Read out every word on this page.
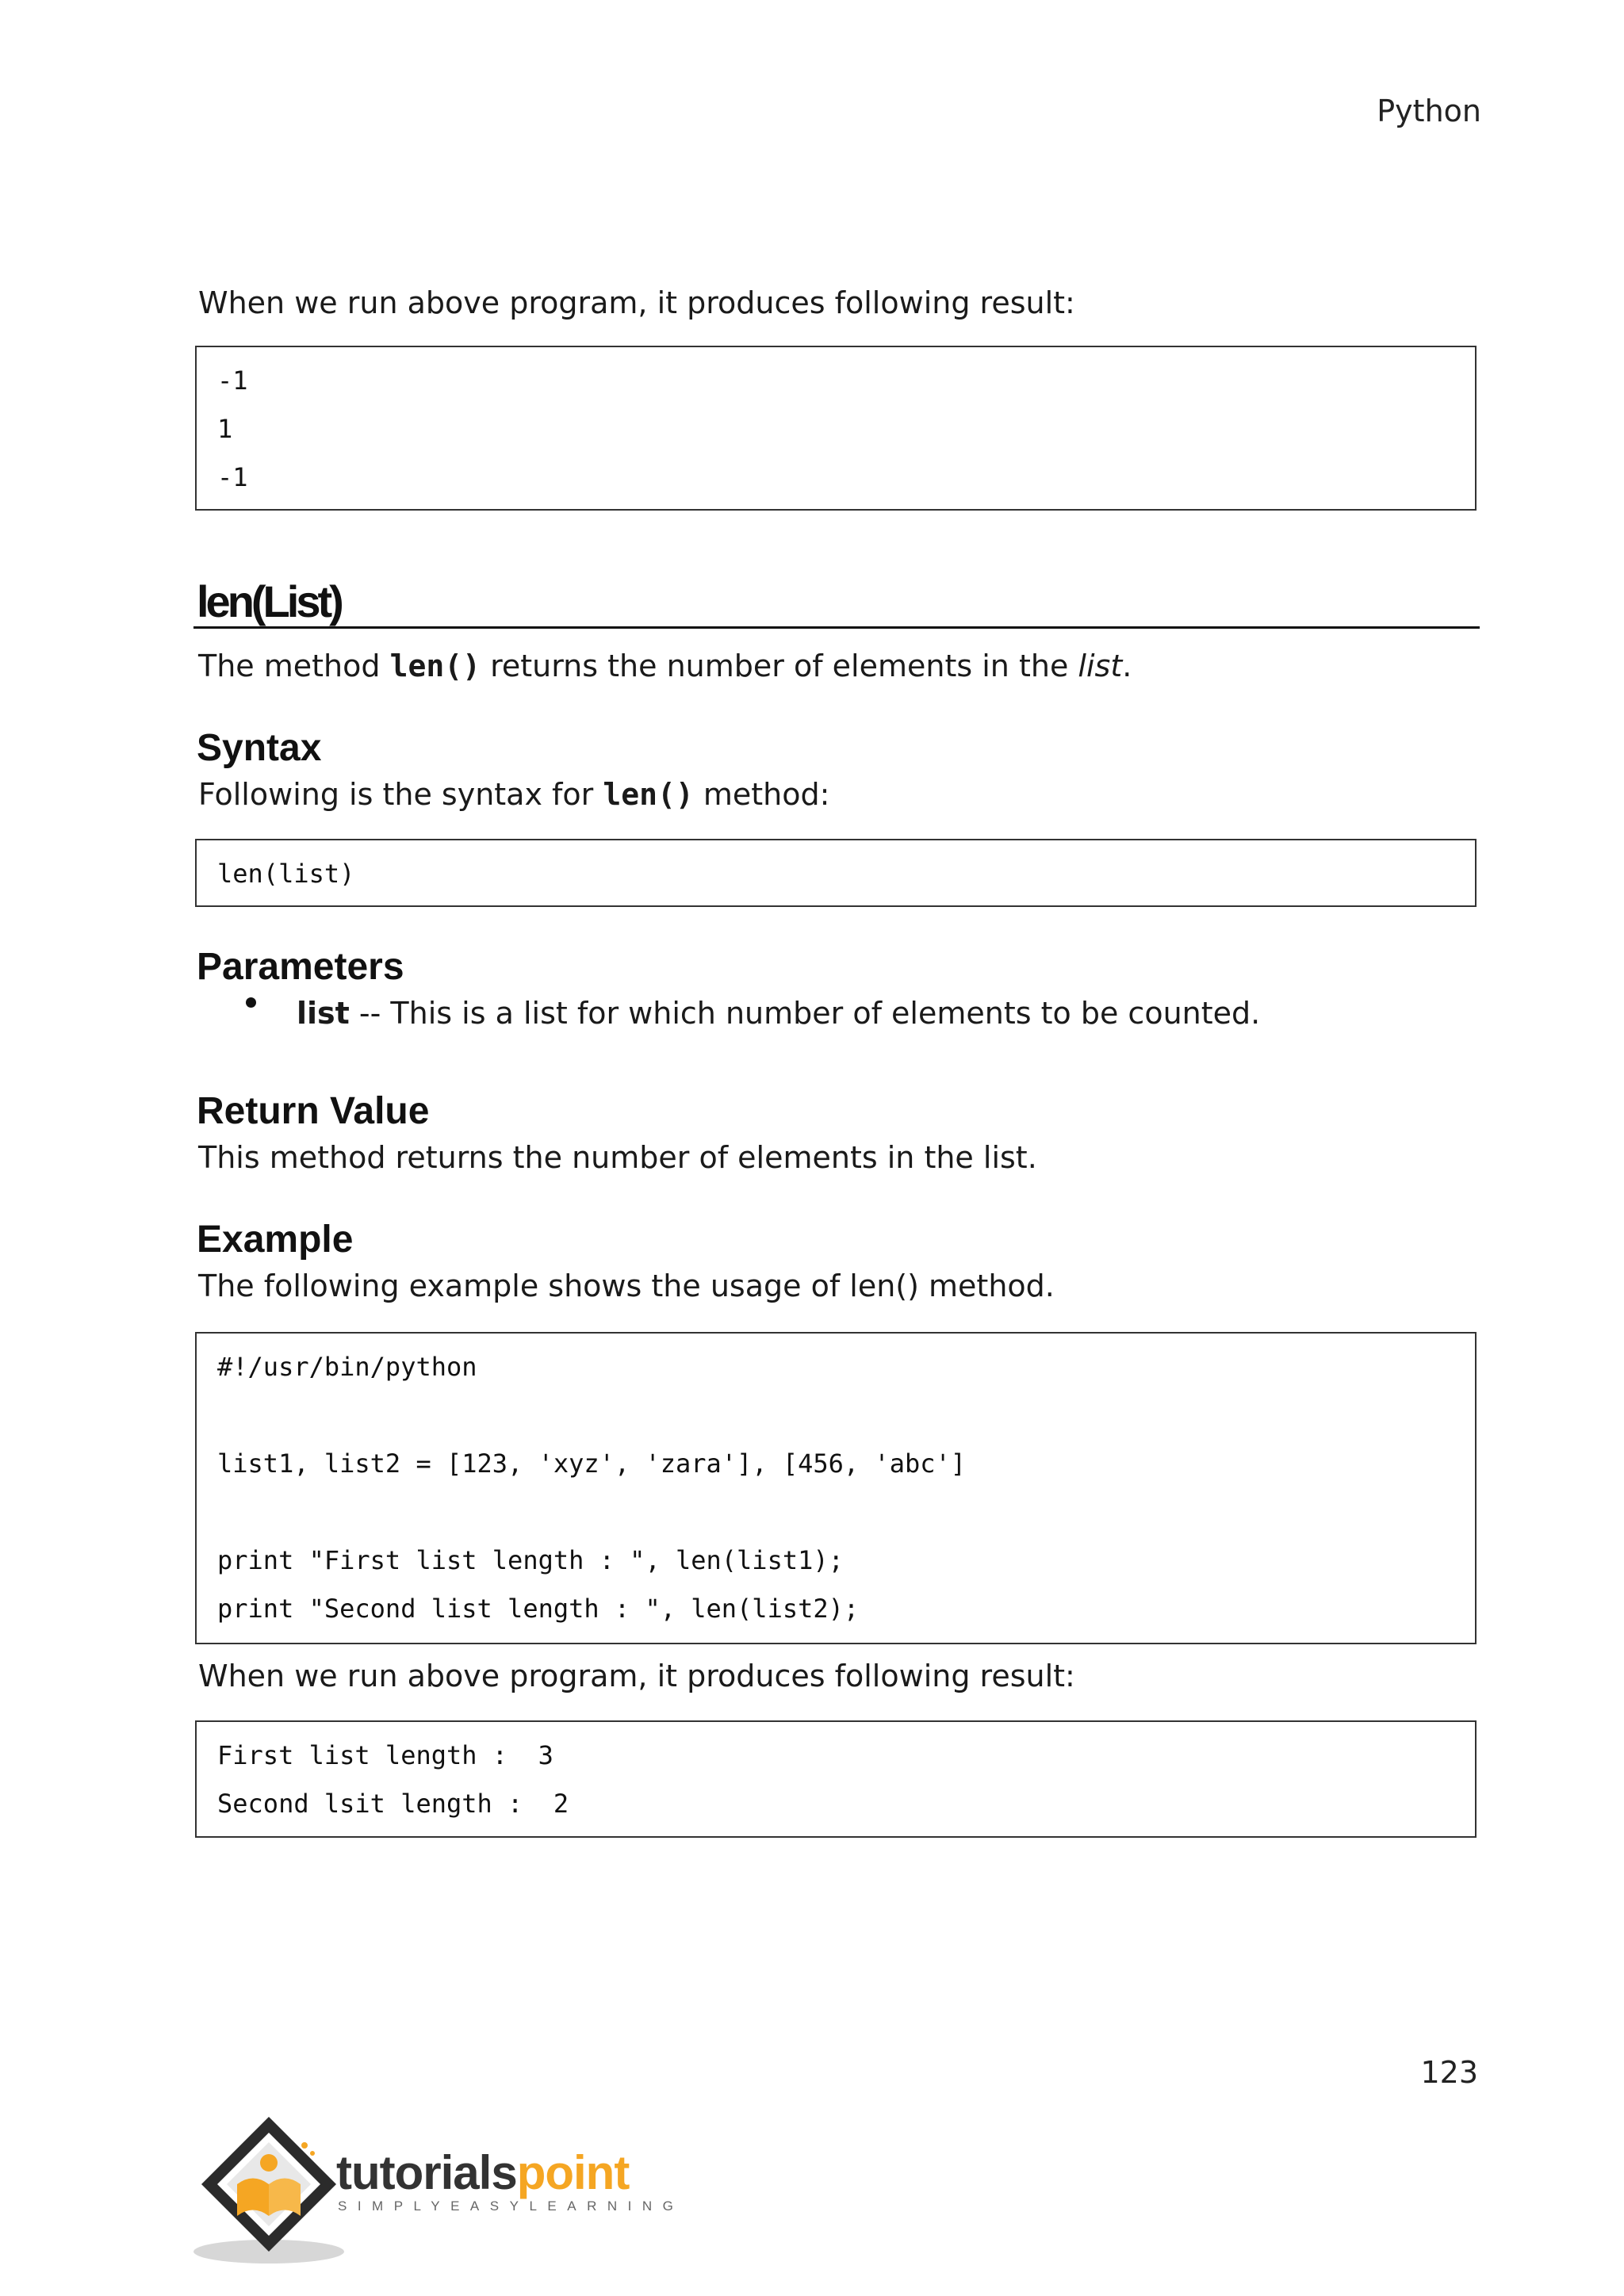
Python
When we run above program, it produces following result:
-1
1
-1
len(List)
The method len() returns the number of elements in the list.
Syntax
Following is the syntax for len() method:
len(list)
Parameters
list -- This is a list for which number of elements to be counted.
Return Value
This method returns the number of elements in the list.
Example
The following example shows the usage of len() method.
#!/usr/bin/python
list1, list2 = [123, 'xyz', 'zara'], [456, 'abc']
print "First list length : ", len(list1);
print "Second list length : ", len(list2);
When we run above program, it produces following result:
First list length :  3
Second lsit length :  2
123
tutorialspoint
SIMPLYEASYLEARNING
